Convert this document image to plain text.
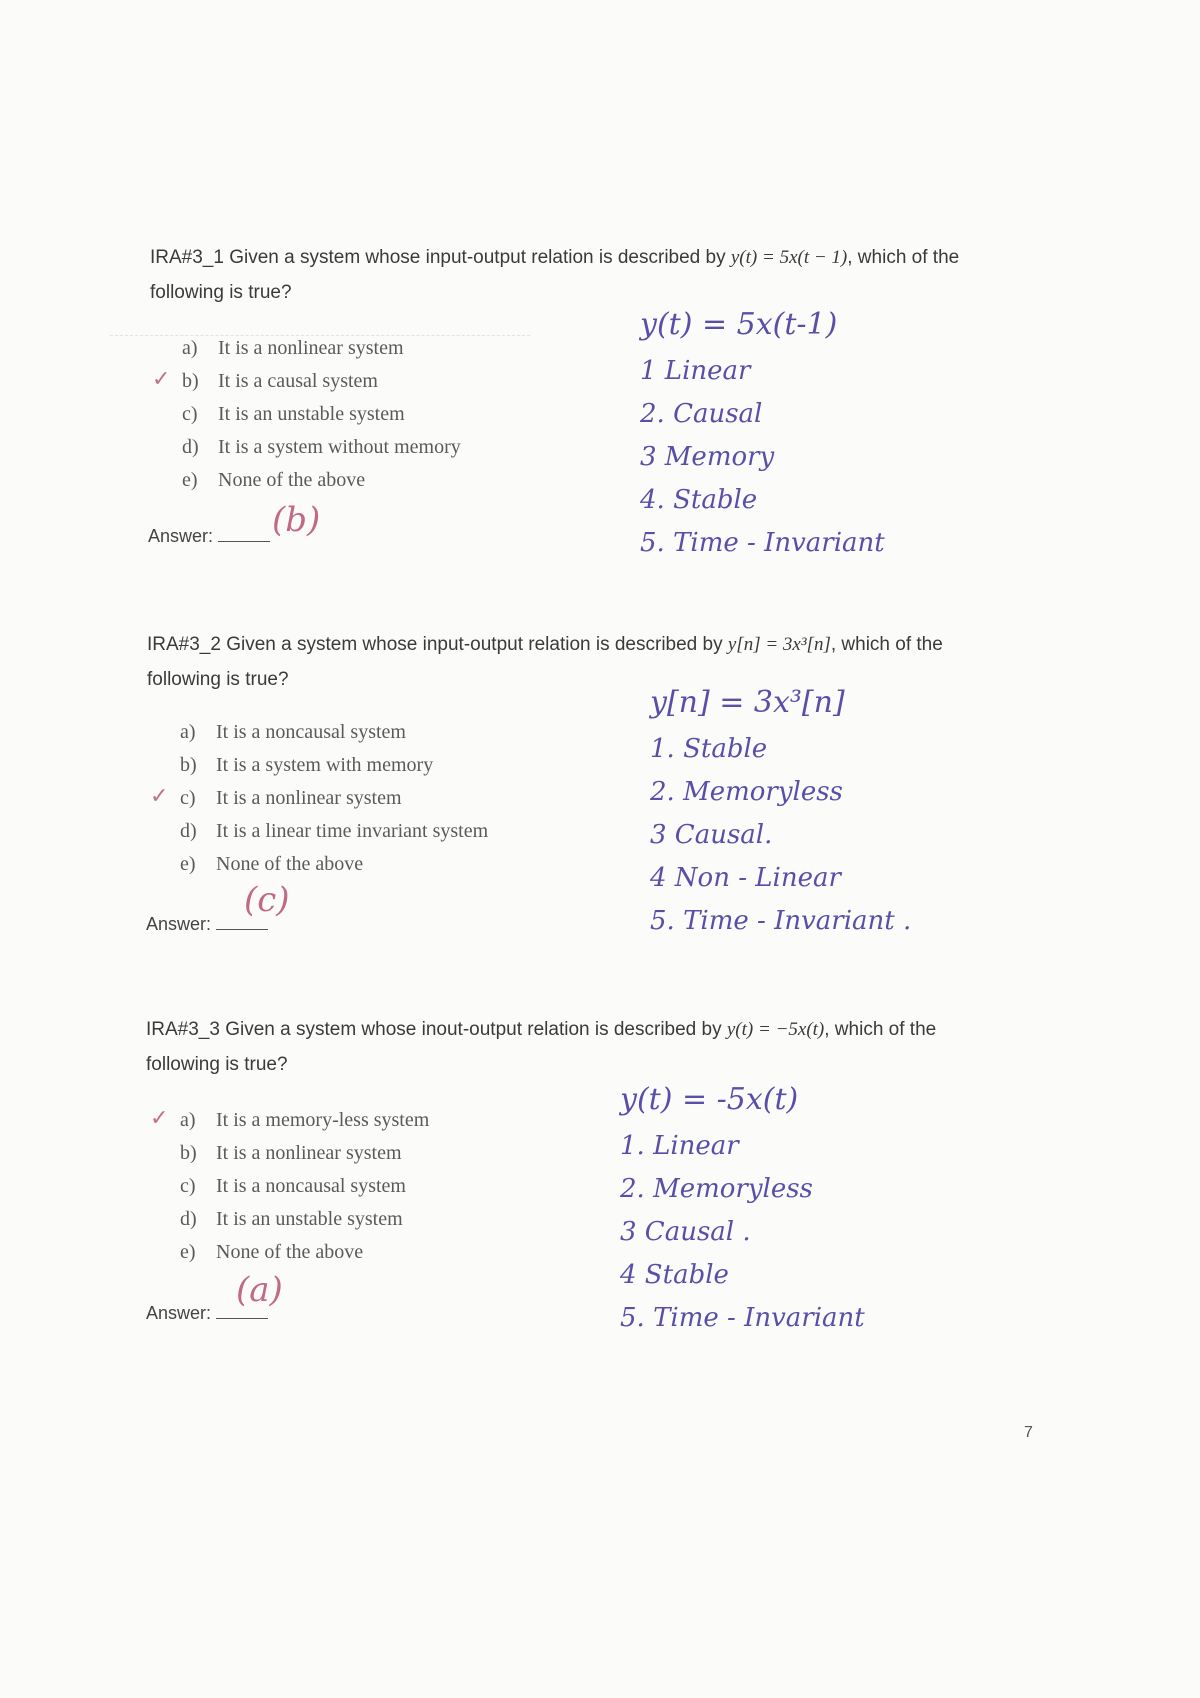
IRA#3_1 Given a system whose input-output relation is described by y(t) = 5x(t − 1), which of the
following is true?
a) It is a nonlinear system
✓ b) It is a causal system
c) It is an unstable system
d) It is a system without memory
e) None of the above
Answer:	(b)
y(t) = 5x(t-1)
1 Linear
2. Causal
3 Memory
4. Stable
5. Time - Invariant
IRA#3_2 Given a system whose input-output relation is described by y[n] = 3x³[n], which of the
following is true?
a) It is a noncausal system
b) It is a system with memory
✓ c) It is a nonlinear system
d) It is a linear time invariant system
e) None of the above
Answer:
(c)
y[n] = 3x³[n]
1. Stable
2. Memoryless
3 Causal.
4 Non - Linear
5. Time - Invariant .
IRA#3_3 Given a system whose inout-output relation is described by y(t) = −5x(t), which of the
following is true?
✓ a) It is a memory-less system
b) It is a nonlinear system
c) It is a noncausal system
d) It is an unstable system
e) None of the above
Answer:
(a)
y(t) = -5x(t)
1. Linear
2. Memoryless
3 Causal .
4 Stable
5. Time - Invariant
7
